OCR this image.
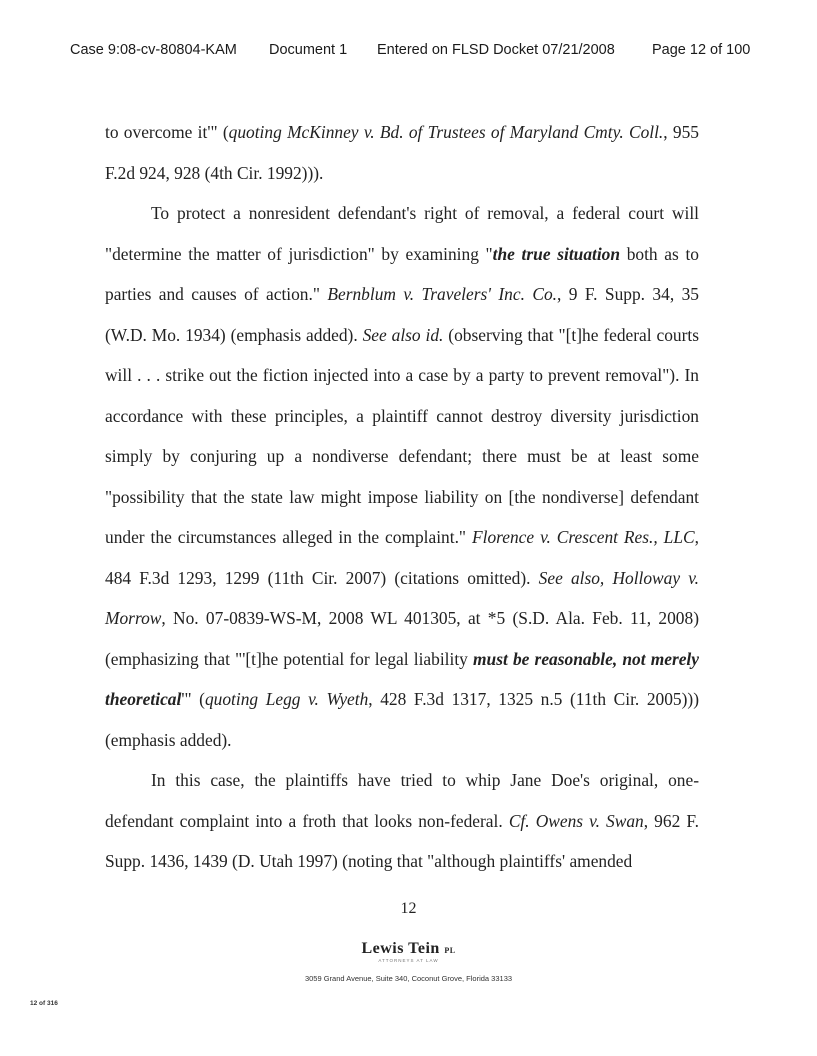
Case 9:08-cv-80804-KAM Document 1 Entered on FLSD Docket 07/21/2008	Page 12 of 100

to overcome it'" (quoting McKinney v. Bd. of Trustees of Maryland Cmty. Coll., 955 F.2d 924, 928 (4th Cir. 1992))).

To protect a nonresident defendant's right of removal, a federal court will "determine the matter of jurisdiction" by examining "the true situation both as to parties and causes of action." Bernblum v. Travelers' Inc. Co., 9 F. Supp. 34, 35 (W.D. Mo. 1934) (emphasis added). See also id. (observing that "[t]he federal courts will . . . strike out the fiction injected into a case by a party to prevent removal"). In accordance with these principles, a plaintiff cannot destroy diversity jurisdiction simply by conjuring up a nondiverse defendant; there must be at least some "possibility that the state law might impose liability on [the nondiverse] defendant under the circumstances alleged in the complaint." Florence v. Crescent Res., LLC, 484 F.3d 1293, 1299 (11th Cir. 2007) (citations omitted). See also, Holloway v. Morrow, No. 07-0839-WS-M, 2008 WL 401305, at *5 (S.D. Ala. Feb. 11, 2008) (emphasizing that "'[t]he potential for legal liability must be reasonable, not merely theoretical'" (quoting Legg v. Wyeth, 428 F.3d 1317, 1325 n.5 (11th Cir. 2005))) (emphasis added).

In this case, the plaintiffs have tried to whip Jane Doe's original, one-defendant complaint into a froth that looks non-federal. Cf. Owens v. Swan, 962 F. Supp. 1436, 1439 (D. Utah 1997) (noting that "although plaintiffs' amended

12
Lewis Tein PL
ATTORNEYS AT LAW
3059 Grand Avenue, Suite 340, Coconut Grove, Florida 33133
12 of 316
